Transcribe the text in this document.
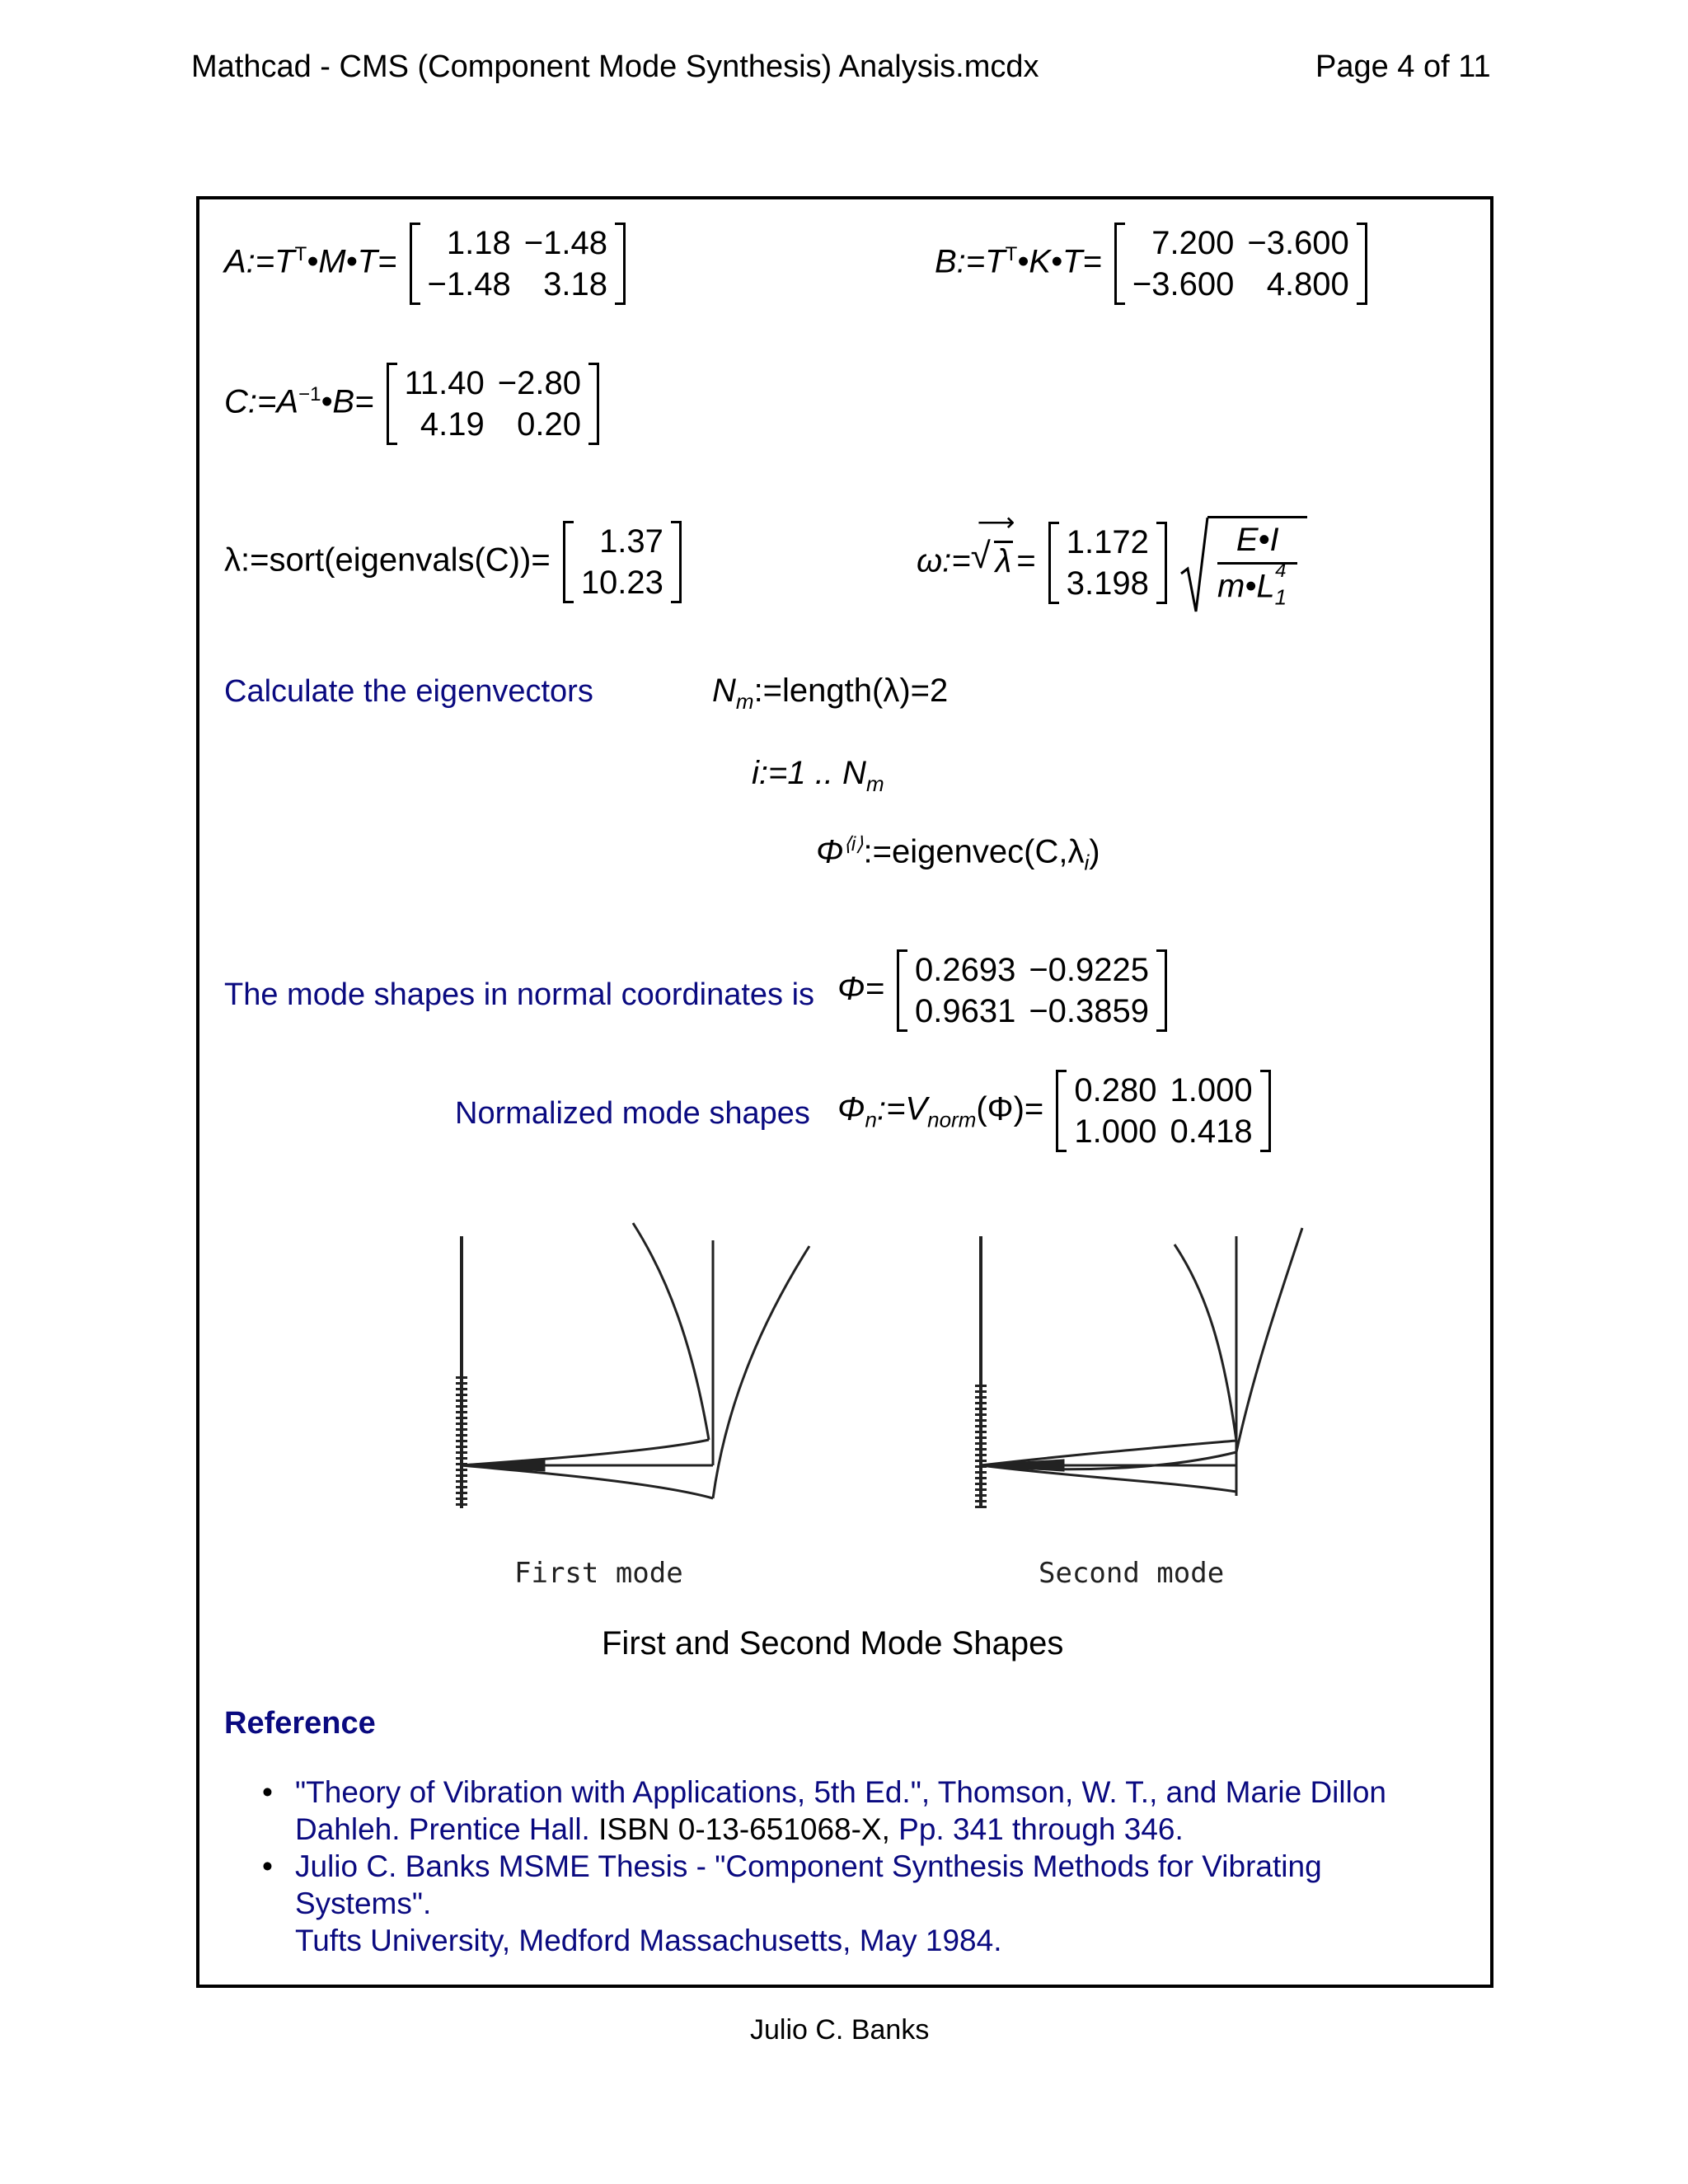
Mathcad - CMS (Component Mode Synthesis) Analysis.mcdx	Page 4 of 11
$A:=T^T•M•T=$
1.18	−1.48
−1.48	3.18
$B:=T^T•K•T=$
7.200	−3.600
−3.600	4.800
$C:=A^{-1}•B=$
11.40	−2.80
4.19	0.20
λ:=sort(eigenvals(C))=
1.37
10.23
ω:= √ λ
⟶
=
1.172
3.198
$\frac{E•I}{m•L_1^4}$
Calculate the eigenvectors	$N_m:=length(\lambda)=2$
i:=1 .. $N_m$
$\Phi^{⟨i⟩}:=eigenvec(C,\lambda_i)$
The mode shapes in normal coordinates is Φ=
0.2693	−0.9225
0.9631	−0.3859
Normalized mode shapes $\Phi_n:=V_{norm}(\Phi)=$
0.280	1.000
1.000	0.418
First mode	Second mode
First and Second Mode Shapes
Reference
• "Theory of Vibration with Applications, 5th Ed.", Thomson, W. T., and Marie Dillon
Dahleh. Prentice Hall. ISBN 0-13-651068-X, Pp. 341 through 346.
• Julio C. Banks MSME Thesis - "Component Synthesis Methods for Vibrating Systems".
Tufts University, Medford Massachusetts, May 1984.
Julio C. Banks
